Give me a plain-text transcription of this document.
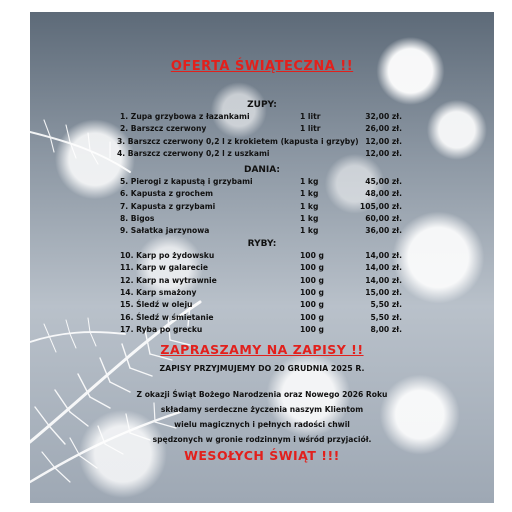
OFERTA ŚWIĄTECZNA !!
ZUPY:
1. Zupa grzybowa z łazankami	1 litr	32,00 zł.
2. Barszcz czerwony	1 litr	26,00 zł.
3. Barszcz czerwony 0,2 l z krokietem (kapusta i grzyby) 12,00 zł.
4. Barszcz czerwony 0,2 l z uszkami	12,00 zł.
DANIA:
5. Pierogi z kapustą i grzybami	1 kg	45,00 zł.
6. Kapusta z grochem	1 kg	48,00 zł.
7. Kapusta z grzybami	1 kg	105,00 zł.
8. Bigos	1 kg	60,00 zł.
9. Sałatka jarzynowa	1 kg	36,00 zł.
RYBY:
10. Karp po żydowsku	100 g	14,00 zł.
11. Karp w galarecie	100 g	14,00 zł.
12. Karp na wytrawnie	100 g	14,00 zł.
14. Karp smażony	100 g	15,00 zł.
15. Śledź w oleju	100 g	5,50 zł.
16. Śledź w śmietanie	100 g	5,50 zł.
17. Ryba po grecku	100 g	8,00 zł.
ZAPRASZAMY NA ZAPISY !!
ZAPISY PRZYJMUJEMY DO 20 GRUDNIA 2025 R.
Z okazji Świąt Bożego Narodzenia oraz Nowego 2026 Roku
składamy serdeczne życzenia naszym Klientom
wielu magicznych i pełnych radości chwil
spędzonych w gronie rodzinnym i wśród przyjaciół.
WESOŁYCH ŚWIĄT !!!
